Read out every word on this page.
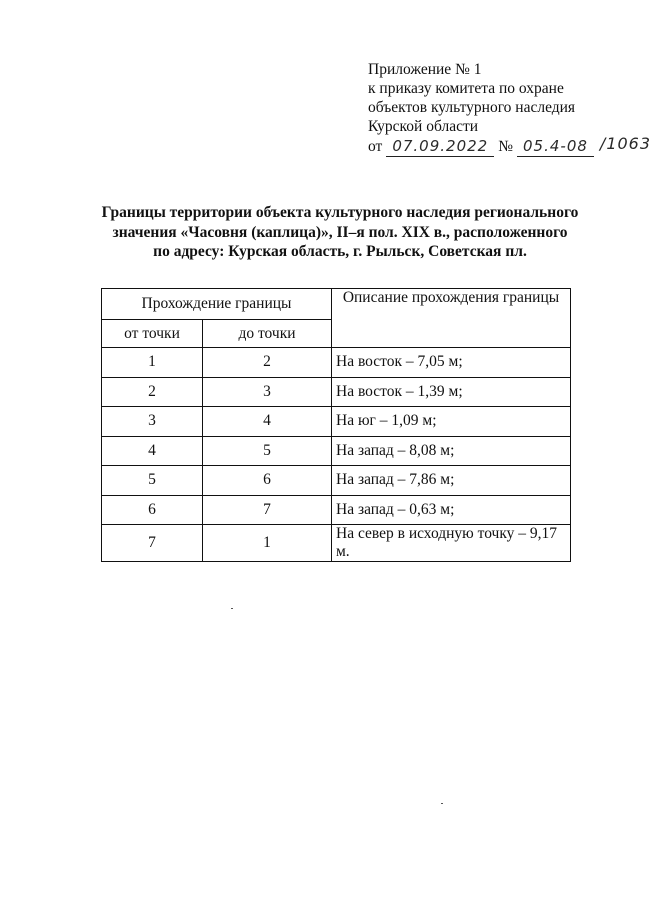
Приложение № 1
к приказу комитета по охране
объектов культурного наследия
Курской области
от 07.09.2022 № 05.4-08 /1063
Границы территории объекта культурного наследия регионального
значения «Часовня (каплица)», II–я пол. XIX в., расположенного
по адресу: Курская область, г. Рыльск, Советская пл.
Прохождение границы		Описание прохождения границы
от точки	до точки	
1	2	На восток – 7,05 м;
2	3	На восток – 1,39 м;
3	4	На юг – 1,09 м;
4	5	На запад – 8,08 м;
5	6	На запад – 7,86 м;
6	7	На запад – 0,63 м;
7	1	На север в исходную точку – 9,17 м.
